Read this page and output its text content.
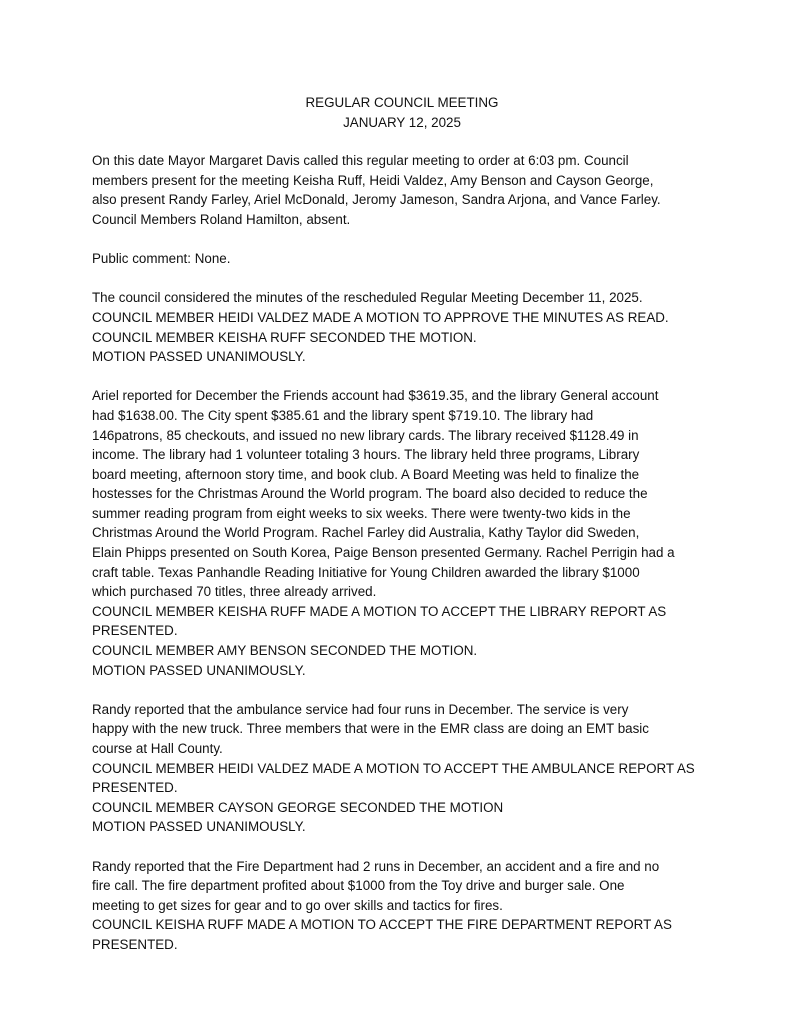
REGULAR COUNCIL MEETING
JANUARY 12, 2025
On this date Mayor Margaret Davis called this regular meeting to order at 6:03 pm. Council
members present for the meeting Keisha Ruff, Heidi Valdez, Amy Benson and Cayson George,
also present Randy Farley, Ariel McDonald, Jeromy Jameson, Sandra Arjona, and Vance Farley.
Council Members Roland Hamilton, absent.
Public comment: None.
The council considered the minutes of the rescheduled Regular Meeting December 11, 2025.
COUNCIL MEMBER HEIDI VALDEZ MADE A MOTION TO APPROVE THE MINUTES AS READ.
COUNCIL MEMBER KEISHA RUFF SECONDED THE MOTION.
MOTION PASSED UNANIMOUSLY.
Ariel reported for December the Friends account had $3619.35, and the library General account
had $1638.00. The City spent $385.61 and the library spent $719.10. The library had
146patrons, 85 checkouts, and issued no new library cards. The library received $1128.49 in
income. The library had 1 volunteer totaling 3 hours. The library held three programs, Library
board meeting, afternoon story time, and book club. A Board Meeting was held to finalize the
hostesses for the Christmas Around the World program. The board also decided to reduce the
summer reading program from eight weeks to six weeks. There were twenty-two kids in the
Christmas Around the World Program. Rachel Farley did Australia, Kathy Taylor did Sweden,
Elain Phipps presented on South Korea, Paige Benson presented Germany. Rachel Perrigin had a
craft table. Texas Panhandle Reading Initiative for Young Children awarded the library $1000
which purchased 70 titles, three already arrived.
COUNCIL MEMBER KEISHA RUFF MADE A MOTION TO ACCEPT THE LIBRARY REPORT AS
PRESENTED.
COUNCIL MEMBER AMY BENSON SECONDED THE MOTION.
MOTION PASSED UNANIMOUSLY.
Randy reported that the ambulance service had four runs in December. The service is very
happy with the new truck. Three members that were in the EMR class are doing an EMT basic
course at Hall County.
COUNCIL MEMBER HEIDI VALDEZ MADE A MOTION TO ACCEPT THE AMBULANCE REPORT AS
PRESENTED.
COUNCIL MEMBER CAYSON GEORGE SECONDED THE MOTION
MOTION PASSED UNANIMOUSLY.
Randy reported that the Fire Department had 2 runs in December, an accident and a fire and no
fire call. The fire department profited about $1000 from the Toy drive and burger sale. One
meeting to get sizes for gear and to go over skills and tactics for fires.
COUNCIL KEISHA RUFF MADE A MOTION TO ACCEPT THE FIRE DEPARTMENT REPORT AS
PRESENTED.
